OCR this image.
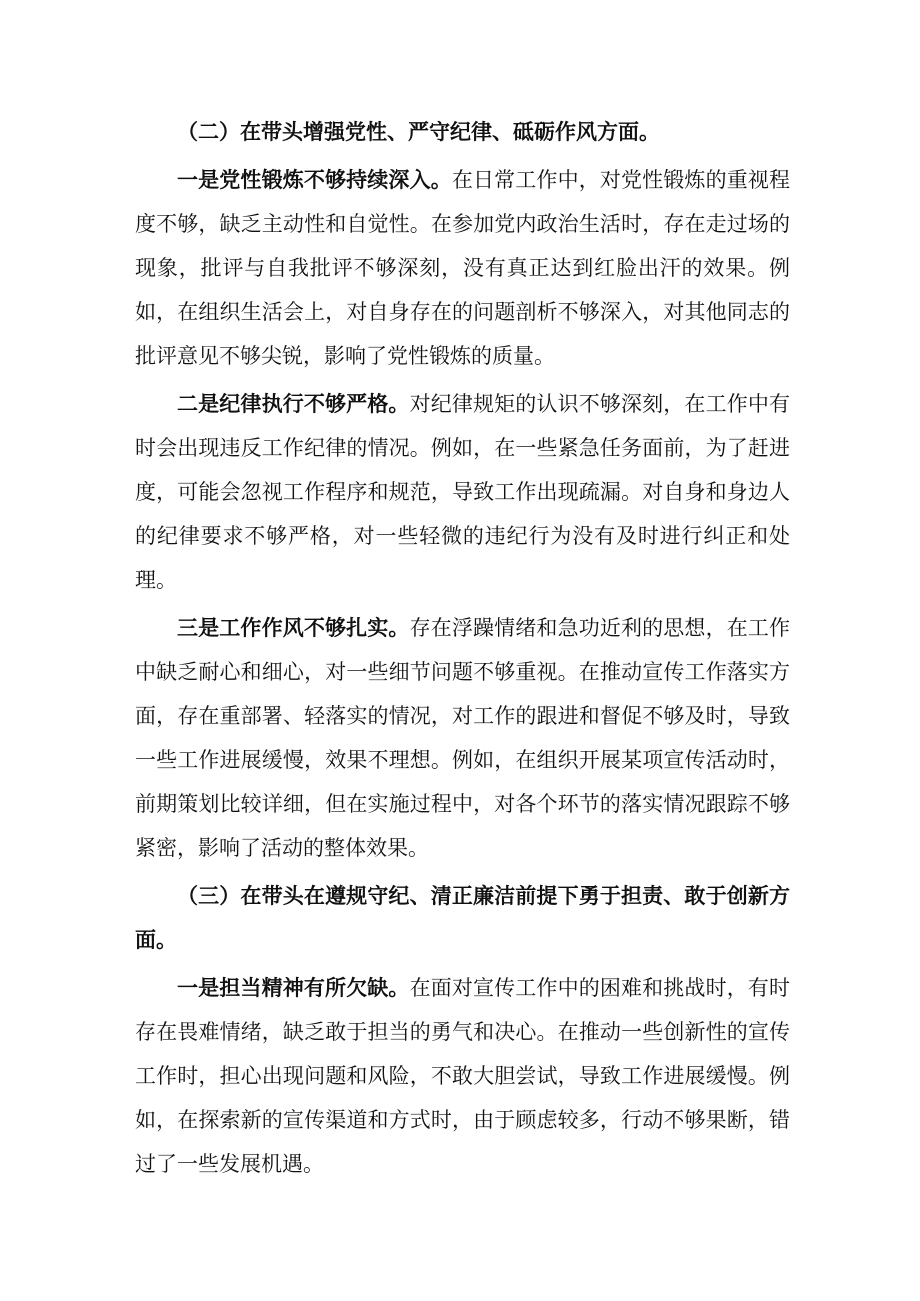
（二）在带头增强党性、严守纪律、砥砺作风方面。

一是党性锻炼不够持续深入。在日常工作中，对党性锻炼的重视程度不够，缺乏主动性和自觉性。在参加党内政治生活时，存在走过场的现象，批评与自我批评不够深刻，没有真正达到红脸出汗的效果。例如，在组织生活会上，对自身存在的问题剖析不够深入，对其他同志的批评意见不够尖锐，影响了党性锻炼的质量。

二是纪律执行不够严格。对纪律规矩的认识不够深刻，在工作中有时会出现违反工作纪律的情况。例如，在一些紧急任务面前，为了赶进度，可能会忽视工作程序和规范，导致工作出现疏漏。对自身和身边人的纪律要求不够严格，对一些轻微的违纪行为没有及时进行纠正和处理。

三是工作作风不够扎实。存在浮躁情绪和急功近利的思想，在工作中缺乏耐心和细心，对一些细节问题不够重视。在推动宣传工作落实方面，存在重部署、轻落实的情况，对工作的跟进和督促不够及时，导致一些工作进展缓慢，效果不理想。例如，在组织开展某项宣传活动时，前期策划比较详细，但在实施过程中，对各个环节的落实情况跟踪不够紧密，影响了活动的整体效果。

（三）在带头在遵规守纪、清正廉洁前提下勇于担责、敢于创新方面。

一是担当精神有所欠缺。在面对宣传工作中的困难和挑战时，有时存在畏难情绪，缺乏敢于担当的勇气和决心。在推动一些创新性的宣传工作时，担心出现问题和风险，不敢大胆尝试，导致工作进展缓慢。例如，在探索新的宣传渠道和方式时，由于顾虑较多，行动不够果断，错过了一些发展机遇。
